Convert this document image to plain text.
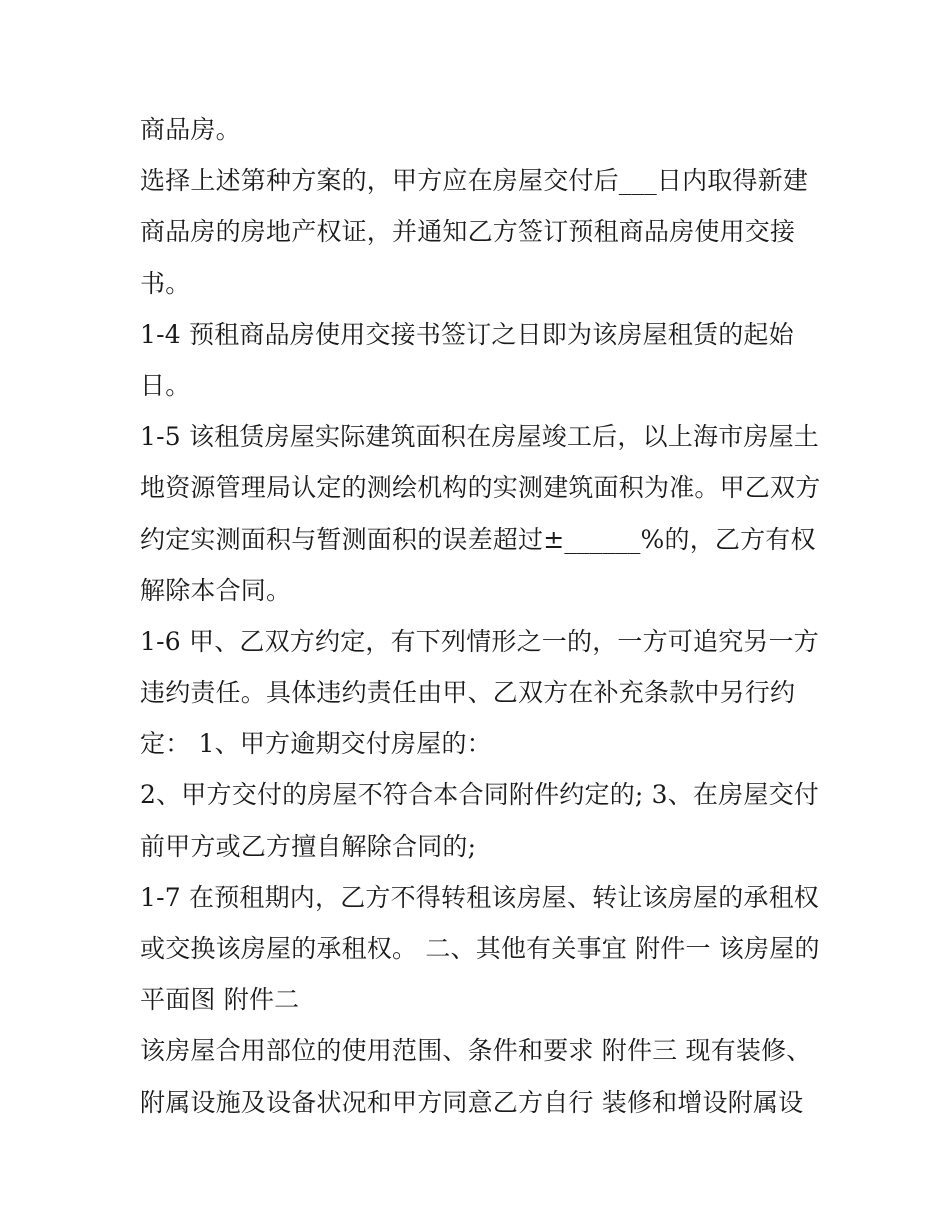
商品房。
选择上述第种方案的，甲方应在房屋交付后___日内取得新建
商品房的房地产权证，并通知乙方签订预租商品房使用交接
书。
1-4 预租商品房使用交接书签订之日即为该房屋租赁的起始
日。
1-5 该租赁房屋实际建筑面积在房屋竣工后，以上海市房屋土
地资源管理局认定的测绘机构的实测建筑面积为准。甲乙双方
约定实测面积与暂测面积的误差超过±______%的，乙方有权
解除本合同。
1-6 甲、乙双方约定，有下列情形之一的，一方可追究另一方
违约责任。具体违约责任由甲、乙双方在补充条款中另行约
定： 1、甲方逾期交付房屋的：
2、甲方交付的房屋不符合本合同附件约定的; 3、在房屋交付
前甲方或乙方擅自解除合同的;
1-7 在预租期内，乙方不得转租该房屋、转让该房屋的承租权
或交换该房屋的承租权。 二、其他有关事宜 附件一 该房屋的
平面图 附件二
该房屋合用部位的使用范围、条件和要求 附件三 现有装修、
附属设施及设备状况和甲方同意乙方自行 装修和增设附属设
